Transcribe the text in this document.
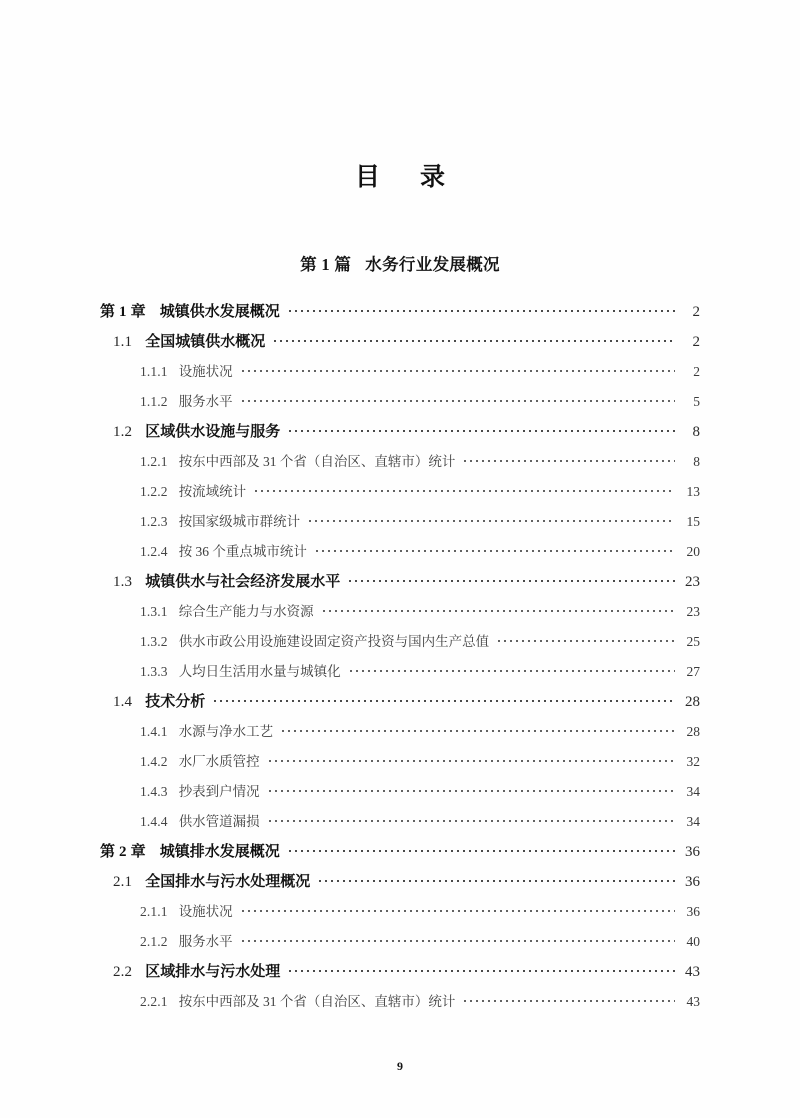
目　录
第 1 篇 水务行业发展概况
第 1 章 城镇供水发展概况	2
1.1 全国城镇供水概况	2
1.1.1 设施状况	2
1.1.2 服务水平	5
1.2 区域供水设施与服务	8
1.2.1 按东中西部及 31 个省（自治区、直辖市）统计	8
1.2.2 按流域统计	13
1.2.3 按国家级城市群统计	15
1.2.4 按 36 个重点城市统计	20
1.3 城镇供水与社会经济发展水平	23
1.3.1 综合生产能力与水资源	23
1.3.2 供水市政公用设施建设固定资产投资与国内生产总值	25
1.3.3 人均日生活用水量与城镇化	27
1.4 技术分析	28
1.4.1 水源与净水工艺	28
1.4.2 水厂水质管控	32
1.4.3 抄表到户情况	34
1.4.4 供水管道漏损	34
第 2 章 城镇排水发展概况	36
2.1 全国排水与污水处理概况	36
2.1.1 设施状况	36
2.1.2 服务水平	40
2.2 区域排水与污水处理	43
2.2.1 按东中西部及 31 个省（自治区、直辖市）统计	43
9
